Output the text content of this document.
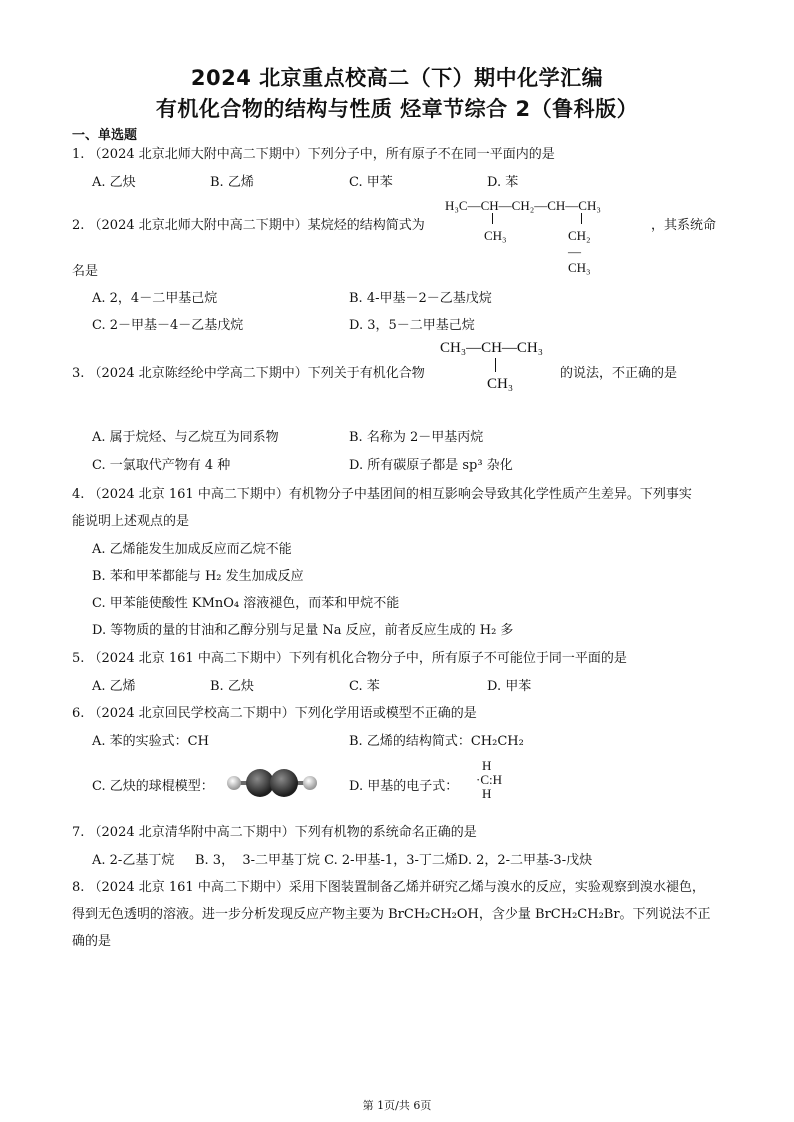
2024 北京重点校高二（下）期中化学汇编
有机化合物的结构与性质 烃章节综合 2（鲁科版）
一、单选题
1. （2024 北京北师大附中高二下期中）下列分子中，所有原子不在同一平面内的是
A. 乙炔	B. 乙烯	C. 甲苯	D. 苯
2. （2024 北京北师大附中高二下期中）某烷烃的结构简式为
H₃C—CH—CH₂—CH—CH₃
CH₃	CH₂—CH₃
，其系统命
名是
A. 2，4－二甲基己烷	B. 4-甲基－2－乙基戊烷
C. 2－甲基－4－乙基戊烷	D. 3，5－二甲基己烷
3. （2024 北京陈经纶中学高二下期中）下列关于有机化合物
CH₃—CH—CH₃
CH₃
的说法，不正确的是
A. 属于烷烃、与乙烷互为同系物	B. 名称为 2－甲基丙烷
C. 一氯取代产物有 4 种	D. 所有碳原子都是 sp³ 杂化
4. （2024 北京 161 中高二下期中）有机物分子中基团间的相互影响会导致其化学性质产生差异。下列事实
能说明上述观点的是
A. 乙烯能发生加成反应而乙烷不能
B. 苯和甲苯都能与 H₂ 发生加成反应
C. 甲苯能使酸性 KMnO₄ 溶液褪色，而苯和甲烷不能
D. 等物质的量的甘油和乙醇分别与足量 Na 反应，前者反应生成的 H₂ 多
5. （2024 北京 161 中高二下期中）下列有机化合物分子中，所有原子不可能位于同一平面的是
A. 乙烯	B. 乙炔	C. 苯	D. 甲苯
6. （2024 北京回民学校高二下期中）下列化学用语或模型不正确的是
A. 苯的实验式：CH	B. 乙烯的结构简式：CH₂CH₂
C. 乙炔的球棍模型：	D. 甲基的电子式：
H
·C:H
H
7. （2024 北京清华附中高二下期中）下列有机物的系统命名正确的是
A. 2-乙基丁烷     B. 3，  3-二甲基丁烷 C. 2-甲基-1，3-丁二烯D. 2，2-二甲基-3-戊炔
8. （2024 北京 161 中高二下期中）采用下图装置制备乙烯并研究乙烯与溴水的反应，实验观察到溴水褪色，
得到无色透明的溶液。进一步分析发现反应产物主要为 BrCH₂CH₂OH，含少量 BrCH₂CH₂Br。下列说法不正
确的是
第 1页/共 6页
